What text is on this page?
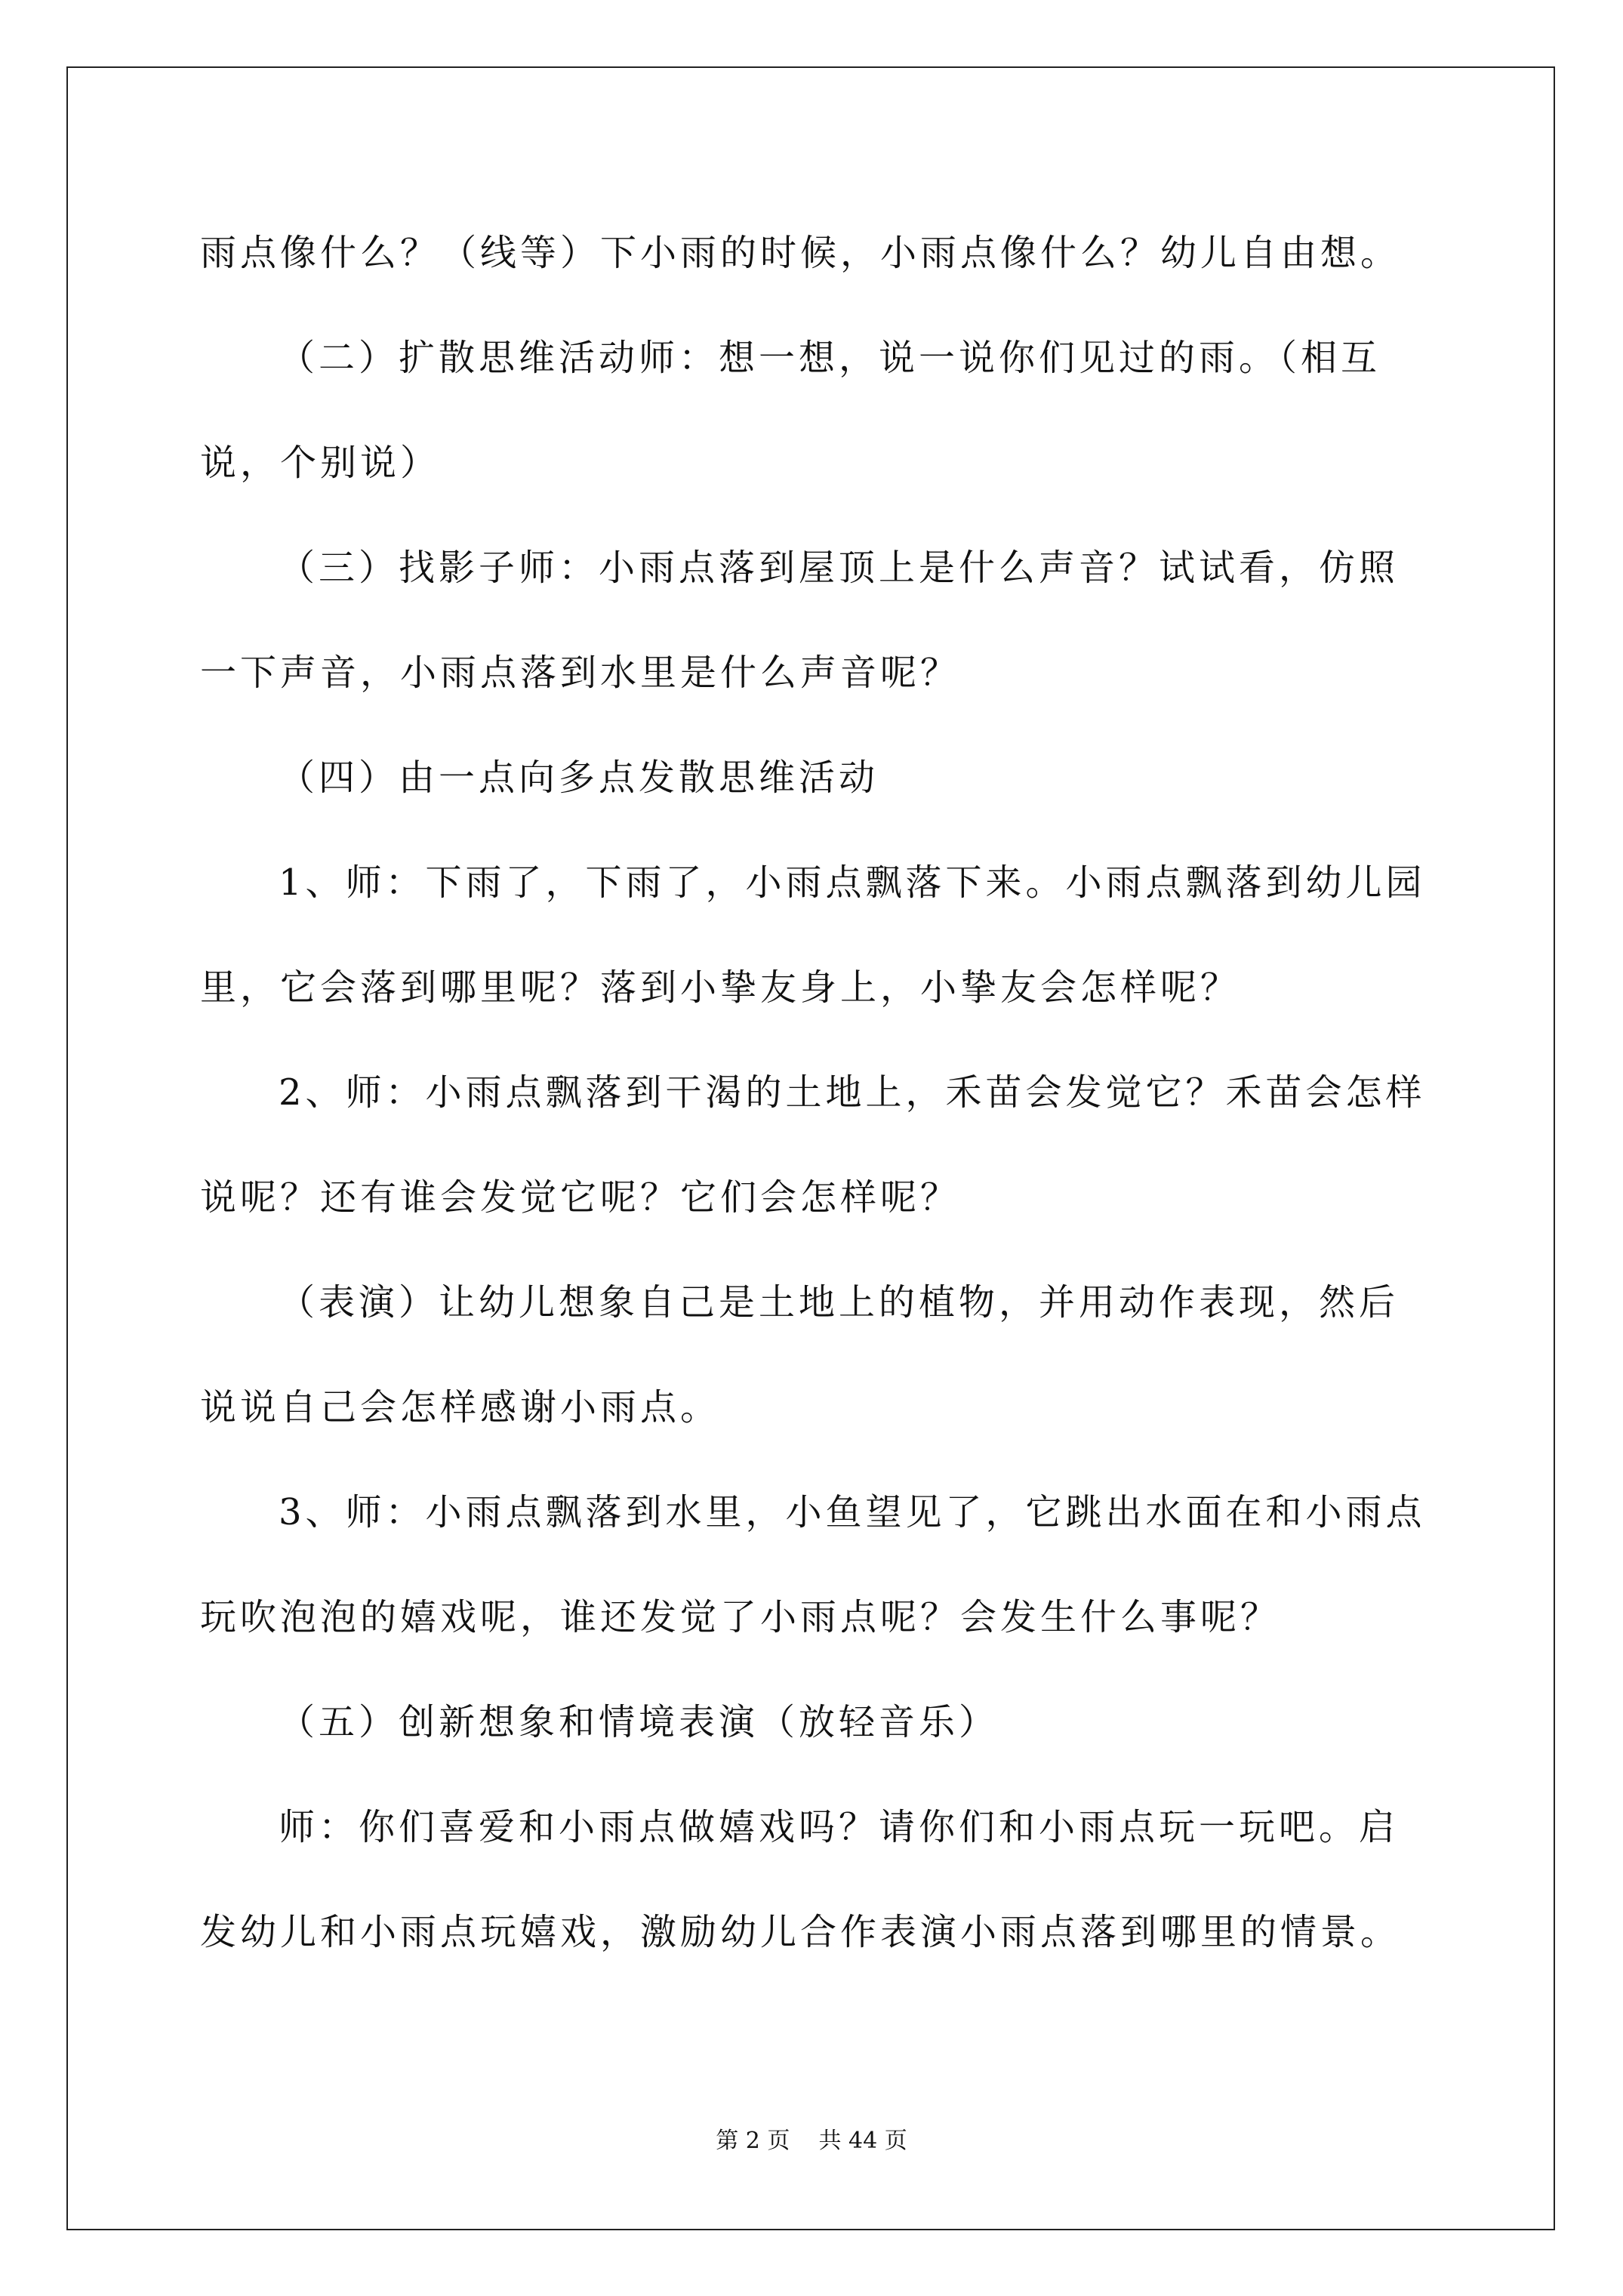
雨点像什么？（线等）下小雨的时候，小雨点像什么？幼儿自由想。
（二）扩散思维活动师：想一想，说一说你们见过的雨。（相互说，个别说）
（三）找影子师：小雨点落到屋顶上是什么声音？试试看，仿照一下声音，小雨点落到水里是什么声音呢？
（四）由一点向多点发散思维活动
1、师：下雨了，下雨了，小雨点飘落下来。小雨点飘落到幼儿园里，它会落到哪里呢？落到小挚友身上，小挚友会怎样呢？
2、师：小雨点飘落到干渴的土地上，禾苗会发觉它？禾苗会怎样说呢？还有谁会发觉它呢？它们会怎样呢？
（表演）让幼儿想象自己是土地上的植物，并用动作表现，然后说说自己会怎样感谢小雨点。
3、师：小雨点飘落到水里，小鱼望见了，它跳出水面在和小雨点玩吹泡泡的嬉戏呢，谁还发觉了小雨点呢？会发生什么事呢？
（五）创新想象和情境表演（放轻音乐）
师：你们喜爱和小雨点做嬉戏吗？请你们和小雨点玩一玩吧。启发幼儿和小雨点玩嬉戏，激励幼儿合作表演小雨点落到哪里的情景。
第 2 页    共 44 页
